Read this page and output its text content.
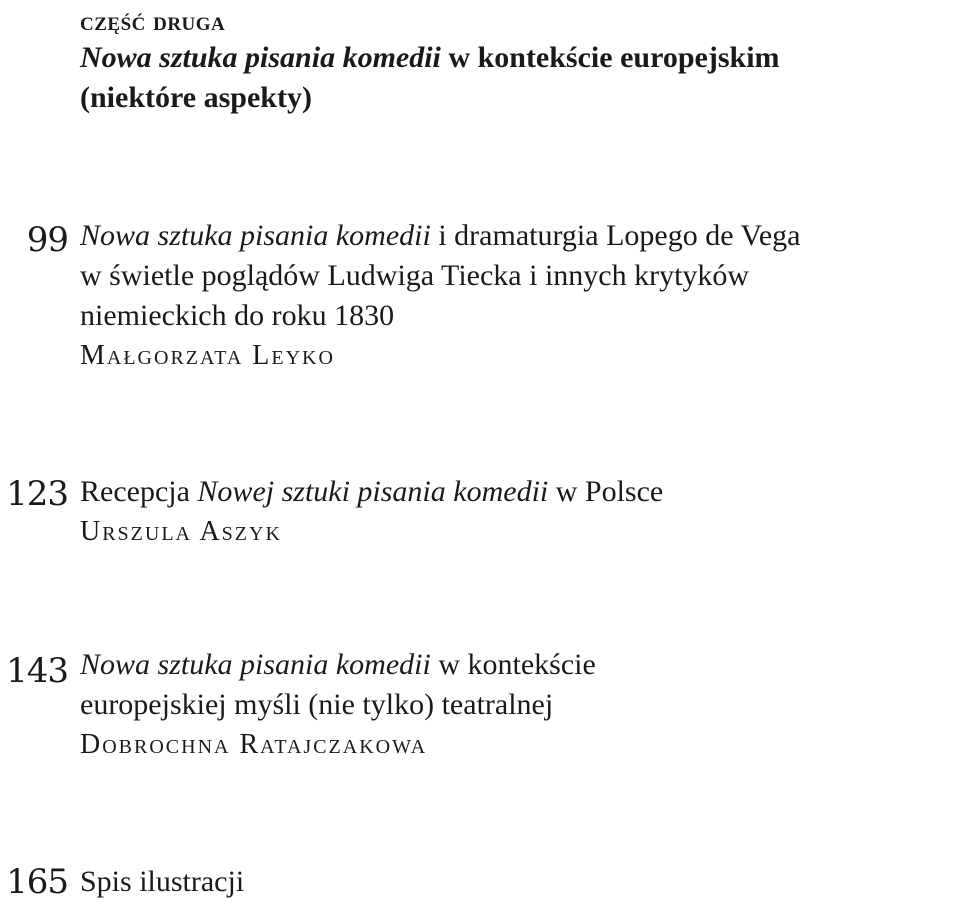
część druga
Nowa sztuka pisania komedii w kontekście europejskim
(niektóre aspekty)
99 Nowa sztuka pisania komedii i dramaturgia Lopego de Vega
w świetle poglądów Ludwiga Tiecka i innych krytyków
niemieckich do roku 1830
Małgorzata Leyko
123 Recepcja Nowej sztuki pisania komedii w Polsce
Urszula Aszyk
143 Nowa sztuka pisania komedii w kontekście
europejskiej myśli (nie tylko) teatralnej
Dobrochna Ratajczakowa
165 Spis ilustracji
